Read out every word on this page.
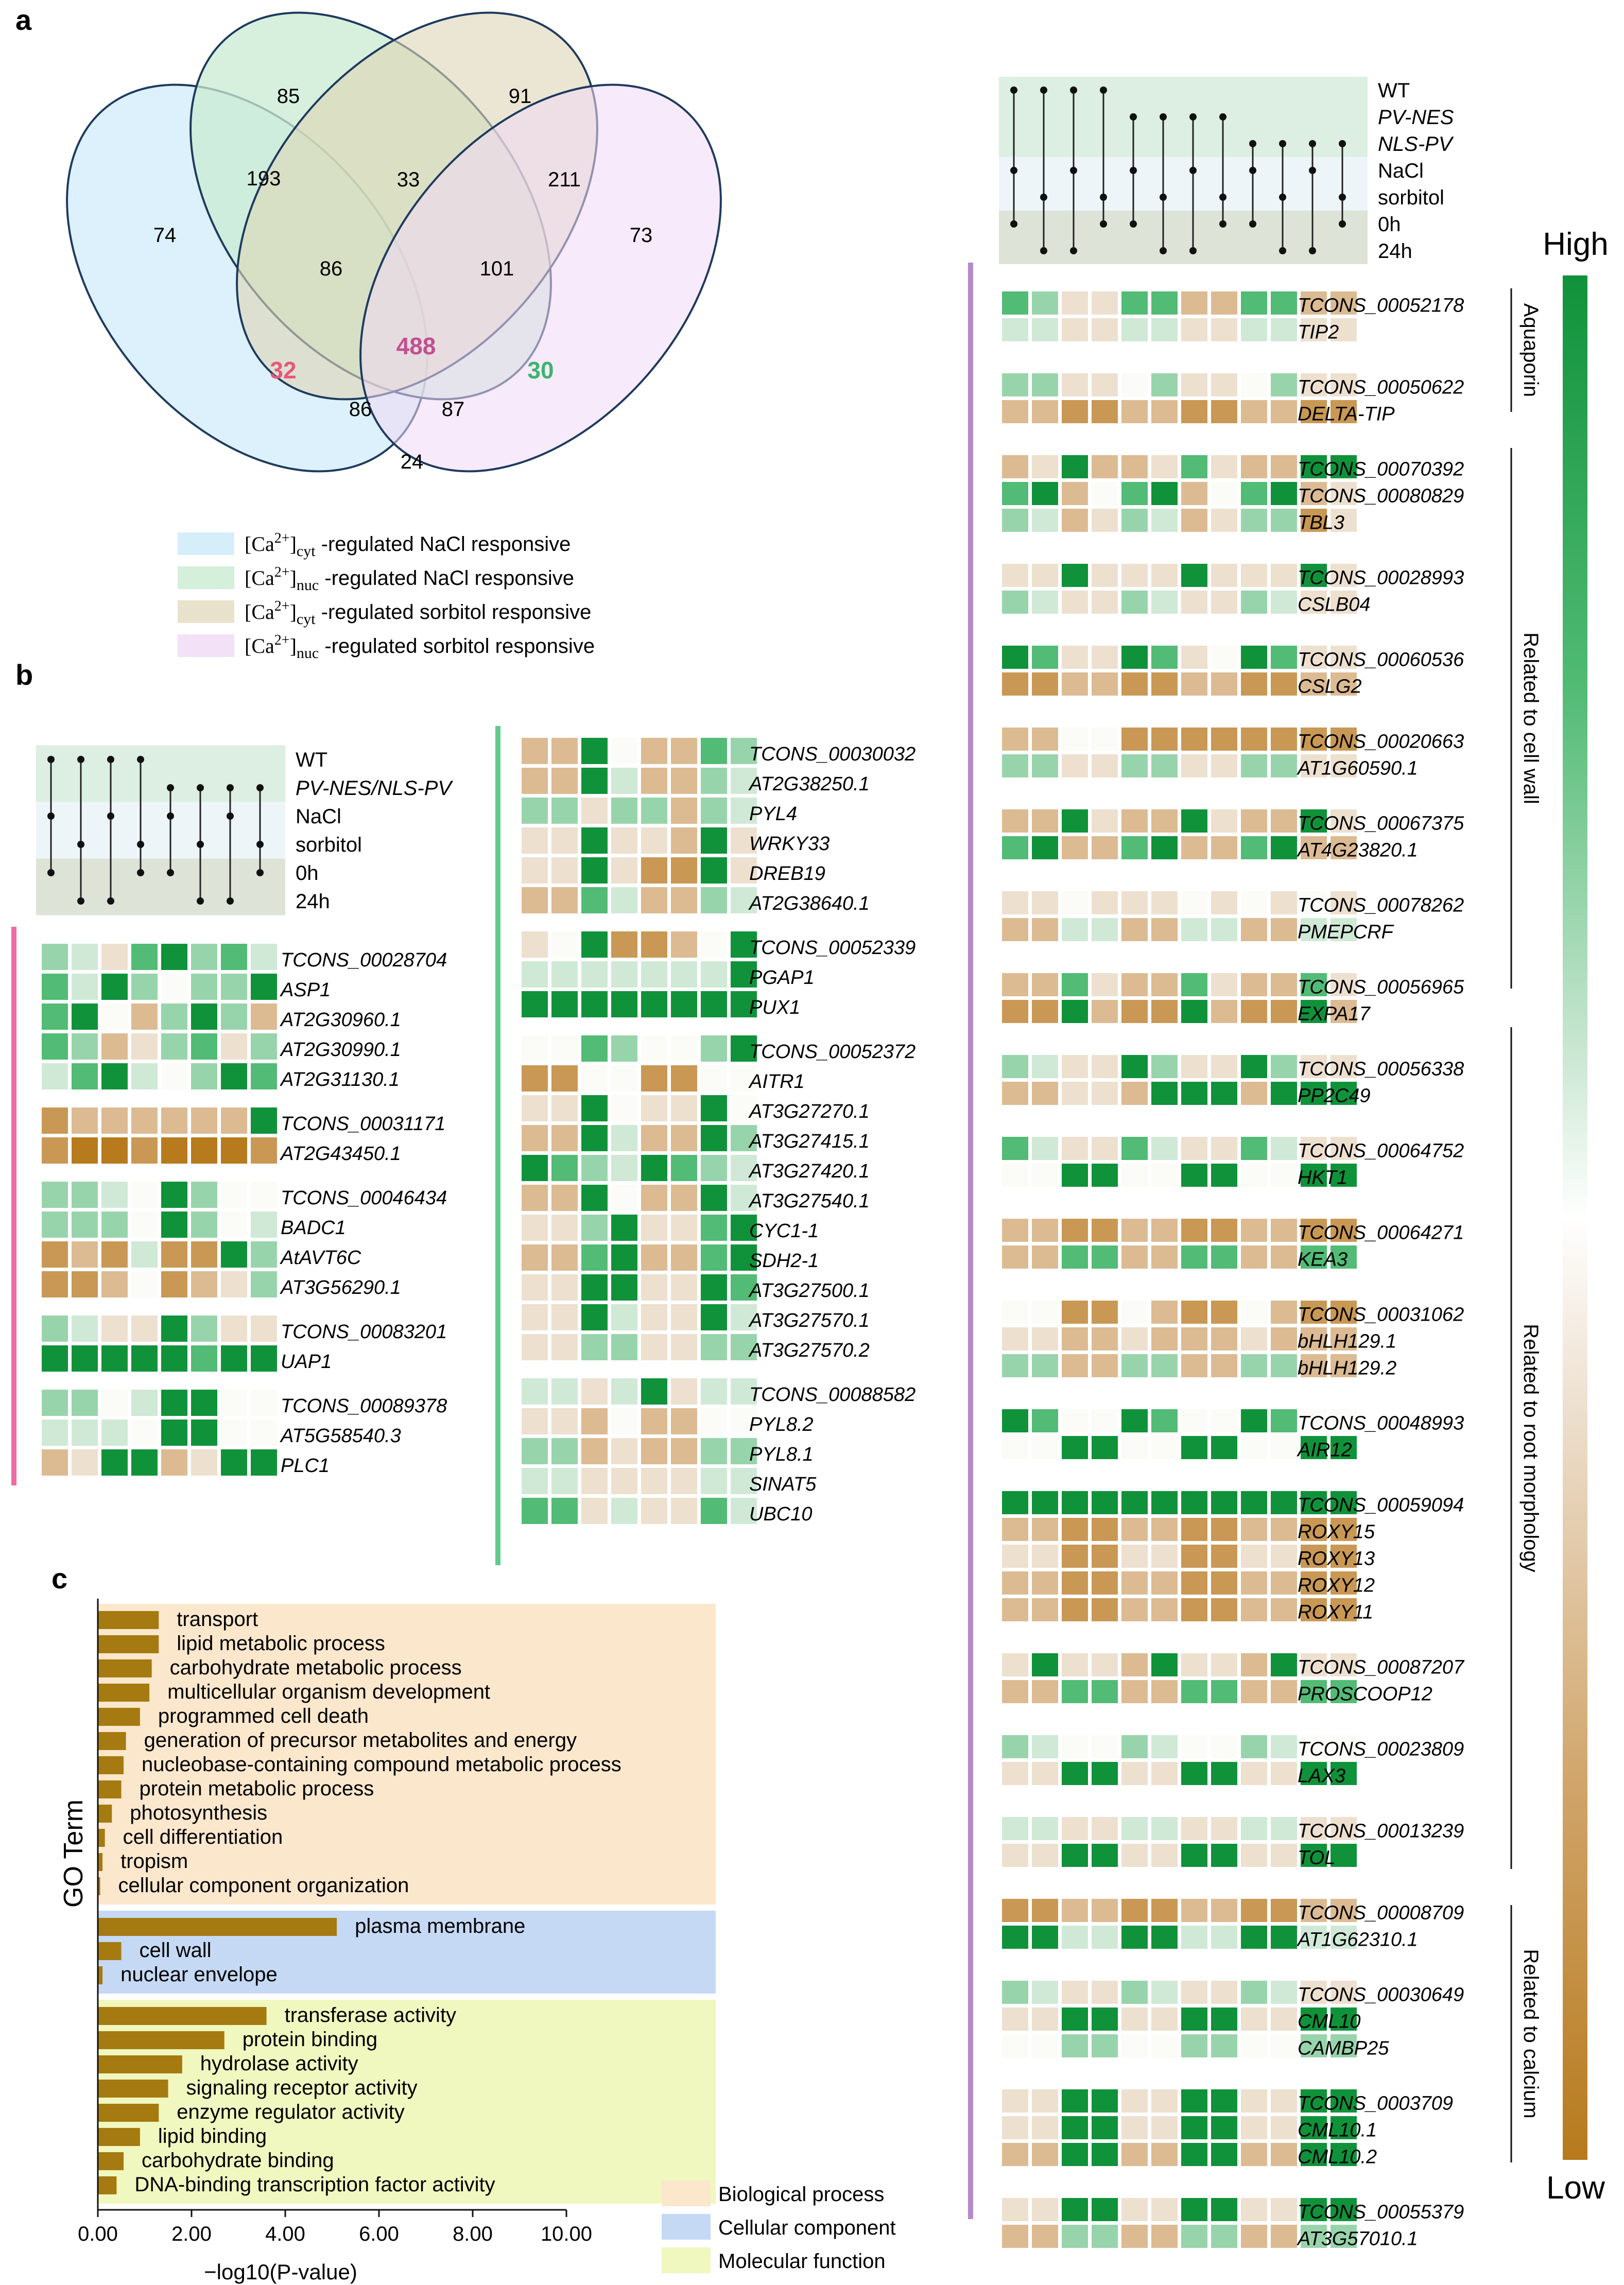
a
b
c
74
85	91
73
193	33	211
86	101
488
32	30
86	87
24
$[Ca^{2+}]_{cyt}$ -regulated NaCl responsive
$[Ca^{2+}]_{nuc}$ -regulated NaCl responsive
$[Ca^{2+}]_{cyt}$ -regulated sorbitol responsive
$[Ca^{2+}]_{nuc}$ -regulated sorbitol responsive
WT
PV-NES/NLS-PV
NaCl
sorbitol
0h
24h
TCONS_00028704
ASP1
AT2G30960.1
AT2G30990.1
AT2G31130.1
TCONS_00031171
AT2G43450.1
TCONS_00046434
BADC1
AtAVT6C
AT3G56290.1
TCONS_00083201
UAP1
TCONS_00089378
AT5G58540.3
PLC1
TCONS_00030032
AT2G38250.1
PYL4
WRKY33
DREB19
AT2G38640.1
TCONS_00052339
PGAP1
PUX1
TCONS_00052372
AITR1
AT3G27270.1
AT3G27415.1
AT3G27420.1
AT3G27540.1
CYC1-1
SDH2-1
AT3G27500.1
AT3G27570.1
AT3G27570.2
TCONS_00088582
PYL8.2
PYL8.1
SINAT5
UBC10
WT
PV-NES
NLS-PV
NaCl
sorbitol
0h
24h
TCONS_00052178
TIP2
TCONS_00050622
DELTA-TIP
TCONS_00070392
TCONS_00080829
TBL3
TCONS_00028993
CSLB04
TCONS_00060536
CSLG2
TCONS_00020663
AT1G60590.1
TCONS_00067375
AT4G23820.1
TCONS_00078262
PMEPCRF
TCONS_00056965
EXPA17
TCONS_00056338
PP2C49
TCONS_00064752
HKT1
TCONS_00064271
KEA3
TCONS_00031062
bHLH129.1
bHLH129.2
TCONS_00048993
AIR12
TCONS_00059094
ROXY15
ROXY13
ROXY12
ROXY11
TCONS_00087207
PROSCOOP12
TCONS_00023809
LAX3
TCONS_00013239
TOL
TCONS_00008709
AT1G62310.1
TCONS_00030649
CML10
CAMBP25
TCONS_0003709
CML10.1
CML10.2
TCONS_00055379
AT3G57010.1
Aquaporin
Related to cell wall
Related to root morphology
Related to calcium
High
Low
transport
lipid metabolic process
carbohydrate metabolic process
multicellular organism development
programmed cell death
generation of precursor metabolites and energy
nucleobase-containing compound metabolic process
protein metabolic process
photosynthesis
cell differentiation
tropism
cellular component organization
plasma membrane
cell wall
nuclear envelope
transferase activity
protein binding
hydrolase activity
signaling receptor activity
enzyme regulator activity
lipid binding
carbohydrate binding
DNA-binding transcription factor activity
0.00	2.00	4.00	6.00	8.00 10.00
−log10(P-value)
GO Term
Biological process
Cellular component
Molecular function
